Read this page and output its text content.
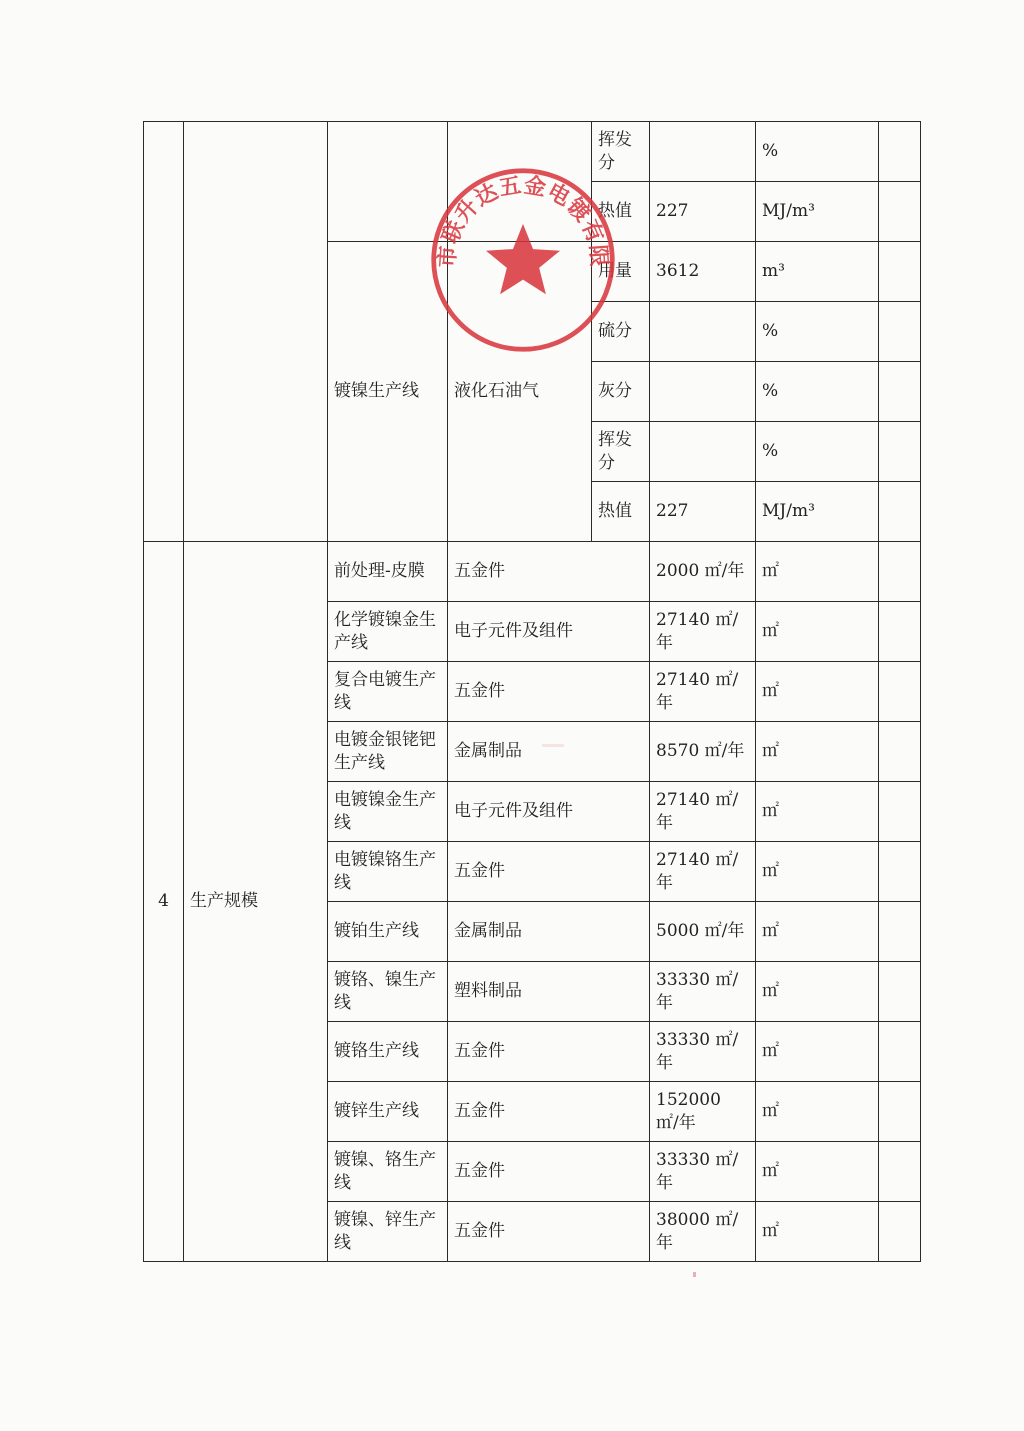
				挥发分		%	
				热值	227	MJ/m³	
		镀镍生产线	液化石油气	用量	3612	m³	
				硫分		%	
				灰分		%	
				挥发分		%	
				热值	227	MJ/m³	
4	生产规模	前处理-皮膜	五金件		2000 ㎡/年	㎡	
		化学镀镍金生产线	电子元件及组件		27140 ㎡/年	㎡	
		复合电镀生产线	五金件		27140 ㎡/年	㎡	
		电镀金银铑钯生产线	金属制品		8570 ㎡/年	㎡	
		电镀镍金生产线	电子元件及组件		27140 ㎡/年	㎡	
		电镀镍铬生产线	五金件		27140 ㎡/年	㎡	
		镀铂生产线	金属制品		5000 ㎡/年	㎡	
		镀铬、镍生产线	塑料制品		33330 ㎡/年	㎡	
		镀铬生产线	五金件		33330 ㎡/年	㎡	
		镀锌生产线	五金件		152000 ㎡/年	㎡	
		镀镍、铬生产线	五金件		33330 ㎡/年	㎡	
		镀镍、锌生产线	五金件		38000 ㎡/年	㎡	
市联升达五金电镀有限
